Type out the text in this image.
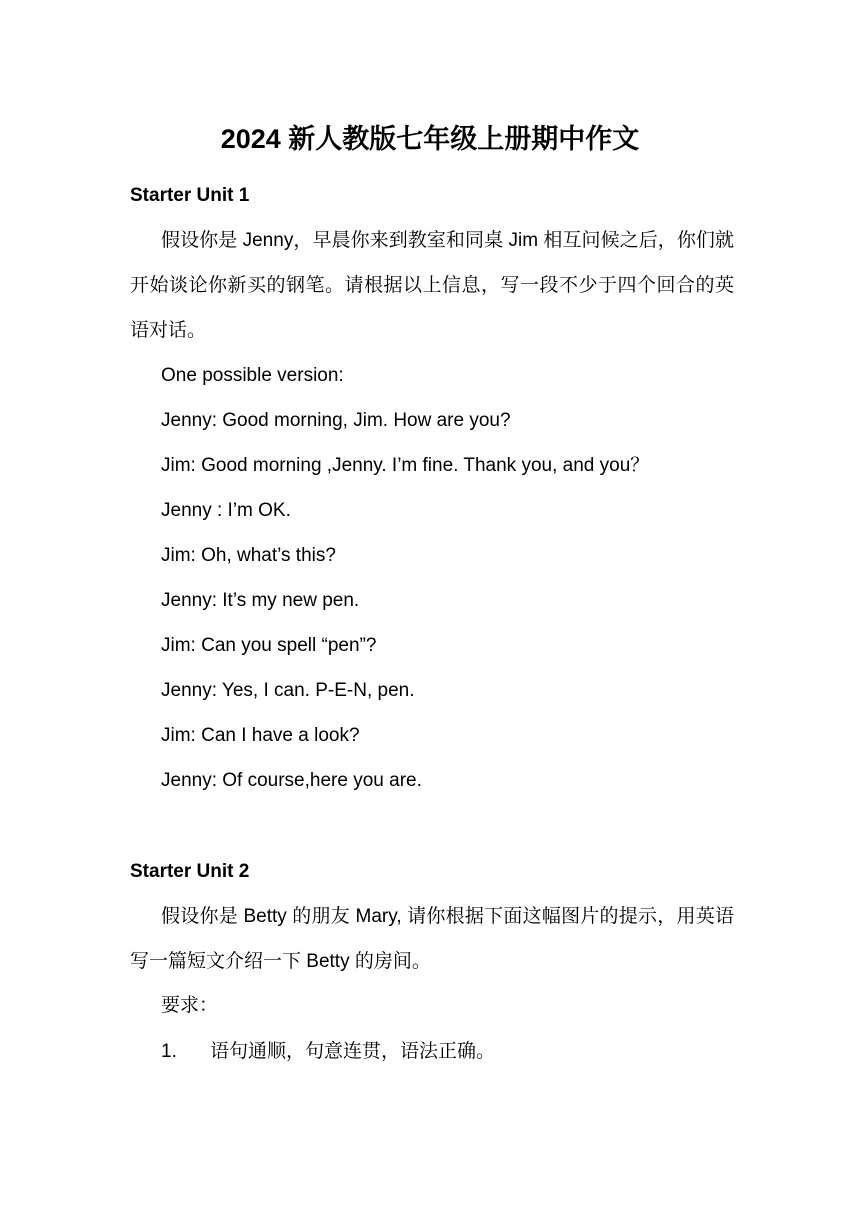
2024 新人教版七年级上册期中作文
Starter Unit 1

假设你是 Jenny，早晨你来到教室和同桌 Jim 相互问候之后，你们就开始谈论你新买的钢笔。请根据以上信息，写一段不少于四个回合的英语对话。

One possible version:
Jenny: Good morning, Jim. How are you?
Jim: Good morning ,Jenny. I’m fine. Thank you, and you？
Jenny : I’m OK.
Jim: Oh, what’s this?
Jenny: It’s my new pen.
Jim: Can you spell “pen”?
Jenny: Yes, I can. P-E-N, pen.
Jim: Can I have a look?
Jenny: Of course,here you are.
Starter Unit 2

假设你是 Betty 的朋友 Mary, 请你根据下面这幅图片的提示，用英语写一篇短文介绍一下 Betty 的房间。

要求：
1. 语句通顺，句意连贯，语法正确。
